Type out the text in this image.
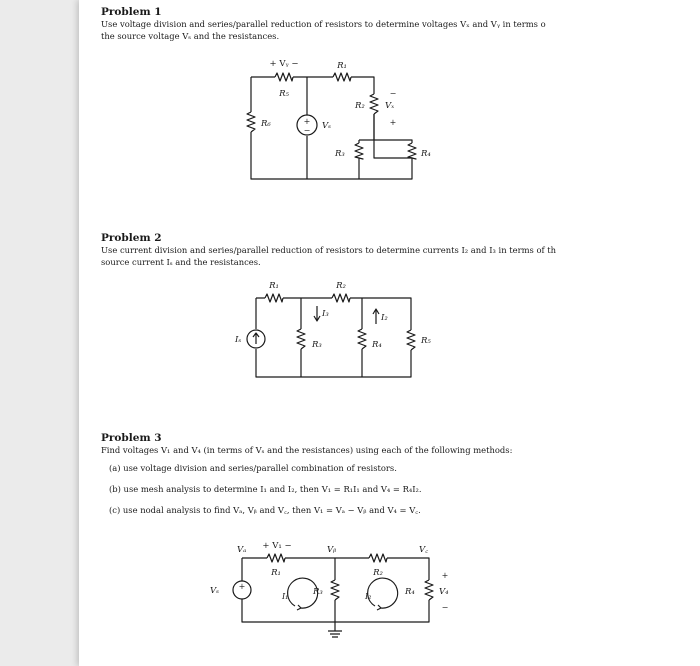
Problem 1
Use voltage division and series/parallel reduction of resistors to determine voltages Vₓ and Vᵧ in terms o
the source voltage Vₛ and the resistances.
+
−
+ Vᵧ −	R₁
R₅
R₆	Vₛ
R₂ Vₓ
−
+
R₃	R₄
Problem 2
Use current division and series/parallel reduction of resistors to determine currents I₂ and I₃ in terms of th
source current Iₛ and the resistances.
Iₛ
R₁	R₂
I₃	I₂
R₃	R₄	R₅
Problem 3
Find voltages V₁ and V₄ (in terms of Vₛ and the resistances) using each of the following methods:
(a) use voltage division and series/parallel combination of resistors.
(b) use mesh analysis to determine I₁ and I₂, then V₁ = R₁I₁ and V₄ = R₄I₂.
(c) use nodal analysis to find Vₐ, Vᵦ and V꜀, then V₁ = Vₐ − Vᵦ and V₄ = V꜀.
+
Vₐ	Vᵦ	V꜀
+ V₁ −
R₁	R₂
Vₛ
I₁	R₃	I₂	R₄	V₄
+
−
